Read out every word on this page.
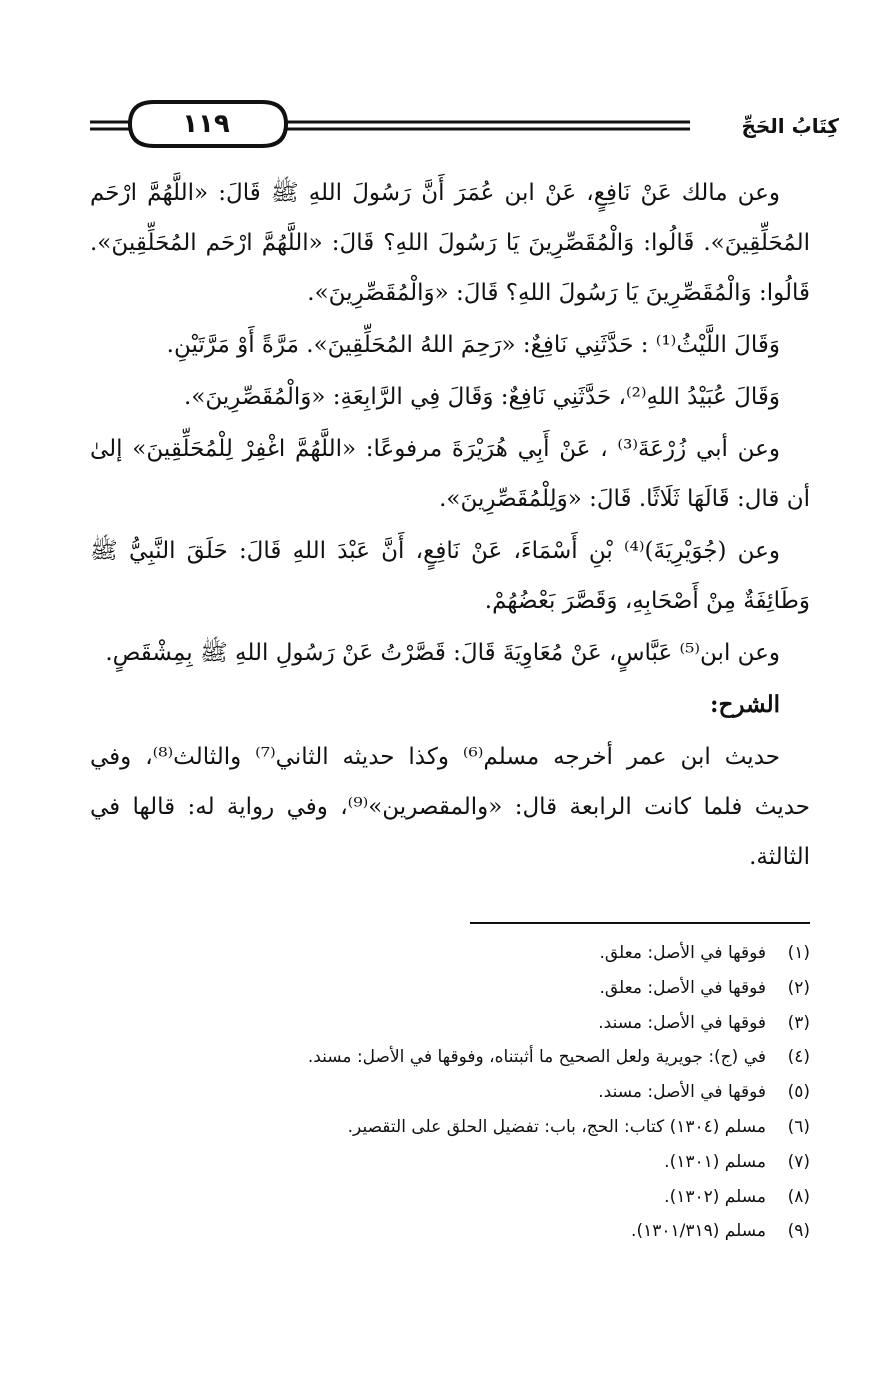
١١٩	كِتَابُ الحَجِّ

وعن مالك عَنْ نَافِعٍ، عَنْ ابن عُمَرَ أَنَّ رَسُولَ اللهِ ﷺ قَالَ: «اللَّهُمَّ ارْحَم المُحَلِّقِينَ». قَالُوا: وَالْمُقَصِّرِينَ يَا رَسُولَ اللهِ؟ قَالَ: «اللَّهُمَّ ارْحَم المُحَلِّقِينَ». قَالُوا: وَالْمُقَصِّرِينَ يَا رَسُولَ اللهِ؟ قَالَ: «وَالْمُقَصِّرِينَ».

وَقَالَ اللَّيْثُ⁽¹⁾ : حَدَّثَنِي نَافِعٌ: «رَحِمَ اللهُ المُحَلِّقِينَ». مَرَّةً أَوْ مَرَّتَيْنِ.

وَقَالَ عُبَيْدُ اللهِ⁽²⁾، حَدَّثَنِي نَافِعٌ: وَقَالَ فِي الرَّابِعَةِ: «وَالْمُقَصِّرِينَ».

وعن أبي زُرْعَةَ⁽³⁾ ، عَنْ أَبِي هُرَيْرَةَ مرفوعًا: «اللَّهُمَّ اغْفِرْ لِلْمُحَلِّقِينَ» إلىٰ أن قال: قَالَهَا ثَلَاثًا. قَالَ: «وَلِلْمُقَصِّرِينَ».

وعن (جُوَيْرِيَةَ)⁽⁴⁾ بْنِ أَسْمَاءَ، عَنْ نَافِعٍ، أَنَّ عَبْدَ اللهِ قَالَ: حَلَقَ النَّبِيُّ ﷺ وَطَائِفَةٌ مِنْ أَصْحَابِهِ، وَقَصَّرَ بَعْضُهُمْ.

وعن ابن⁽⁵⁾ عَبَّاسٍ، عَنْ مُعَاوِيَةَ قَالَ: قَصَّرْتُ عَنْ رَسُولِ اللهِ ﷺ بِمِشْقَصٍ.

الشرح:

حديث ابن عمر أخرجه مسلم⁽⁶⁾ وكذا حديثه الثاني⁽⁷⁾ والثالث⁽⁸⁾، وفي حديث فلما كانت الرابعة قال: «والمقصرين»⁽⁹⁾، وفي رواية له: قالها في الثالثة.

(١)
فوقها في الأصل: معلق.
(٢)
فوقها في الأصل: معلق.
(٣)
فوقها في الأصل: مسند.
(٤)
في (ج): جويرية ولعل الصحيح ما أثبتناه، وفوقها في الأصل: مسند.
(٥)
فوقها في الأصل: مسند.
(٦)
مسلم (١٣٠٤) كتاب: الحج، باب: تفضيل الحلق على التقصير.
(٧)
مسلم (١٣٠١).
(٨)
مسلم (١٣٠٢).
(٩)
مسلم (١٣٠١/٣١٩).
